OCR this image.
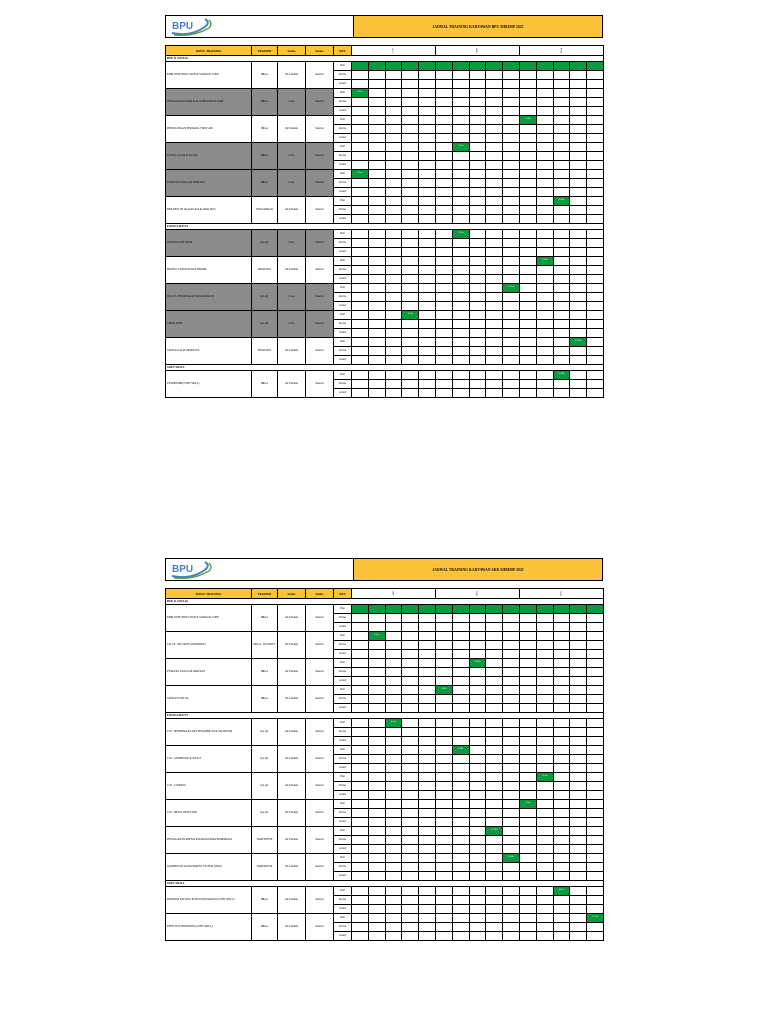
BPU	JADWAL TRAINING KARYAWAN BPU SHRIMP 2025
JUDUL TRAINING	TRAINER	Status	Status	KET	JAN					FEB					MAR				
HSE & SOCIAL																			
EMPLOYEE INDUCTION & STORAGE CODE	HRGA	On Schedule	Internal	Plan															
				Revise															
				Actual															
PENGGUNAAN APAR & ALAT PELINDUNG DIRI	HRGA	Close	Internal	Plan	8 Jan														
				Revise															
				Actual															
PERTOLONGAN PERTAMA / FIRST AID	HRGA	On Schedule	Internal	Plan											5 Mar				
				Revise															
				Actual															
LOTO (Lock Out & Tag Out)	HRGA	Close	Internal	Plan							11 Feb								
				Revise															
				Actual															
PYAKUAN TANGGAP DARURAT	HRGA	Close	Internal	Plan	8 Jan														
				Revise															
				Actual															
FIRE RESCUE (Kejadian Roll & APAR Drill)	TIM DAMKAR	On Schedule	Internal	Plan													18 Mar		
				Revise															
				Actual															
FOOD SAFETY																			
PERSONAL HYGIENE	QA-QC	Close	Internal	Plan							11 Feb								
				Revise															
				Actual															
PRODUCT KNOWLEDGE SHRIMP	PRODUKSI	On Schedule	Internal	Plan												12 Mar			
				Revise															
				Actual															
HACCP - PENGENALAN DASAR HACCP	QA-QC	Close	Internal	Plan										25 Feb					
				Revise															
				Actual															
GMP & SSOP	QA-QC	Close	Internal	Plan				28 Jan											
				Revise															
				Actual															
SANITASI ALAT PRODUKSI	PRODUKSI	On Schedule	Internal	Plan														25 Mar	
				Revise															
				Actual															
SOFT SKILL																			
LEADERSHIP (SOFT SKILL)	HRGA	On Schedule	Internal	Plan													20 Mar		
				Revise															
				Actual															
BPU	JADWAL TRAINING KARYAWAN SKR SHRIMP 2025
JUDUL TRAINING	TRAINER	Status	Status	KET	APR					MEI					JUN				
HSE & SOCIAL																			
EMPLOYEE INDUCTION & STORAGE CODE	HRGA	On Schedule	Internal	Plan															
				Revise															
				Actual															
TACCP - SECURITY AWARENESS	HRGA - SECURITY	On Schedule	Internal	Plan		9 Apr													
				Revise															
				Actual															
PYAKUAN TANGGAP DARURAT	HRGA	On Schedule	Internal	Plan								14 Mei							
				Revise															
				Actual															
SANITASI TIM OA	HRGA	On Schedule	Internal	Plan						6 Mei									
				Revise															
				Actual															
FOOD SAFETY																			
CCP - PENERIMAAN DAN PENAMBILAN & SALFROOM	QA-QC	On Schedule	Internal	Plan			16 Apr												
				Revise															
				Actual															
CCP - ANTIBIOTIK & SULFIT	QA-QC	On Schedule	Internal	Plan							8 Mei								
				Revise															
				Actual															
CCP - COOKING	QA-QC	On Schedule	Internal	Plan												11 Jun			
				Revise															
				Actual															
CCP - METAL DETECTOR	QA-QC	On Schedule	Internal	Plan											4 Jun				
				Revise															
				Actual															
PENANGANAN ABENIA & BAHAN KIMIA BERBAHAYA	WAREHOUSE	On Schedule	Internal	Plan									21 Mei						
				Revise															
				Actual															
WAREHOUSE MANAGEMENT SYSTEM (WMS)	WAREHOUSE	On Schedule	Internal	Plan										28 Mei					
				Revise															
				Actual															
SOFT SKILL																			
PROBLEM SOLVING & DECISION MAKING (SOFT SKILL)	HRGA	On Schedule	Internal	Plan													18 Jun		
				Revise															
				Actual															
EFFECTIVE REPORTING (SOFT SKILL)	HRGA	On Schedule	Internal	Plan															27 Jun
				Revise															
				Actual															
